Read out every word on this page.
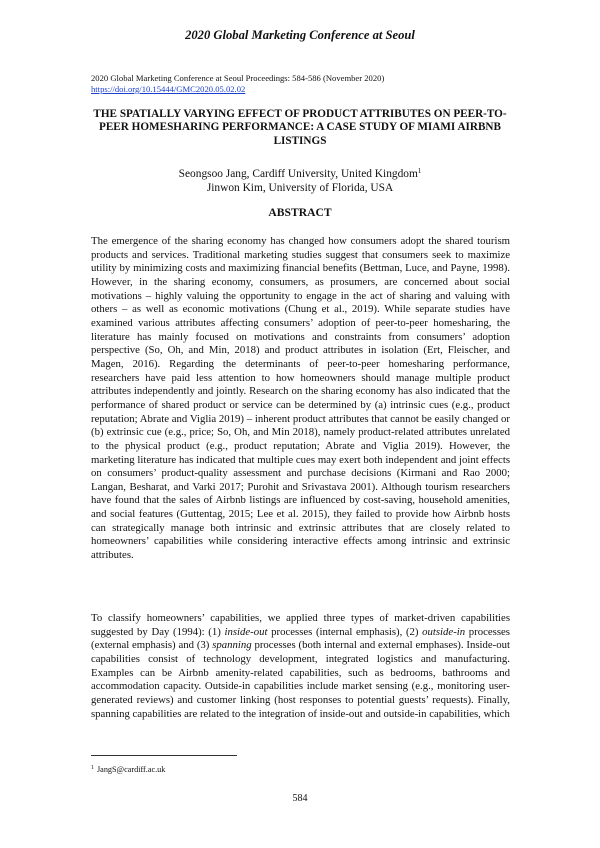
2020 Global Marketing Conference at Seoul
2020 Global Marketing Conference at Seoul Proceedings: 584-586 (November 2020)
https://doi.org/10.15444/GMC2020.05.02.02
THE SPATIALLY VARYING EFFECT OF PRODUCT ATTRIBUTES ON PEER-TO-PEER HOMESHARING PERFORMANCE: A CASE STUDY OF MIAMI AIRBNB LISTINGS
Seongsoo Jang, Cardiff University, United Kingdom$^1$
Jinwon Kim, University of Florida, USA
ABSTRACT
The emergence of the sharing economy has changed how consumers adopt the shared tourism products and services. Traditional marketing studies suggest that consumers seek to maximize utility by minimizing costs and maximizing financial benefits (Bettman, Luce, and Payne, 1998). However, in the sharing economy, consumers, as prosumers, are concerned about social motivations – highly valuing the opportunity to engage in the act of sharing and valuing with others – as well as economic motivations (Chung et al., 2019). While separate studies have examined various attributes affecting consumers’ adoption of peer-to-peer homesharing, the literature has mainly focused on motivations and constraints from consumers’ adoption perspective (So, Oh, and Min, 2018) and product attributes in isolation (Ert, Fleischer, and Magen, 2016). Regarding the determinants of peer-to-peer homesharing performance, researchers have paid less attention to how homeowners should manage multiple product attributes independently and jointly. Research on the sharing economy has also indicated that the performance of shared product or service can be determined by (a) intrinsic cues (e.g., product reputation; Abrate and Viglia 2019) – inherent product attributes that cannot be easily changed or (b) extrinsic cue (e.g., price; So, Oh, and Min 2018), namely product-related attributes unrelated to the physical product (e.g., product reputation; Abrate and Viglia 2019). However, the marketing literature has indicated that multiple cues may exert both independent and joint effects on consumers’ product-quality assessment and purchase decisions (Kirmani and Rao 2000; Langan, Besharat, and Varki 2017; Purohit and Srivastava 2001). Although tourism researchers have found that the sales of Airbnb listings are influenced by cost-saving, household amenities, and social features (Guttentag, 2015; Lee et al. 2015), they failed to provide how Airbnb hosts can strategically manage both intrinsic and extrinsic attributes that are closely related to homeowners’ capabilities while considering interactive effects among intrinsic and extrinsic attributes.
To classify homeowners’ capabilities, we applied three types of market-driven capabilities suggested by Day (1994): (1) inside-out processes (internal emphasis), (2) outside-in processes (external emphasis) and (3) spanning processes (both internal and external emphases). Inside-out capabilities consist of technology development, integrated logistics and manufacturing. Examples can be Airbnb amenity-related capabilities, such as bedrooms, bathrooms and accommodation capacity. Outside-in capabilities include market sensing (e.g., monitoring user-generated reviews) and customer linking (host responses to potential guests’ requests). Finally, spanning capabilities are related to the integration of inside-out and outside-in capabilities, which
$^1$ JangS@cardiff.ac.uk
584
